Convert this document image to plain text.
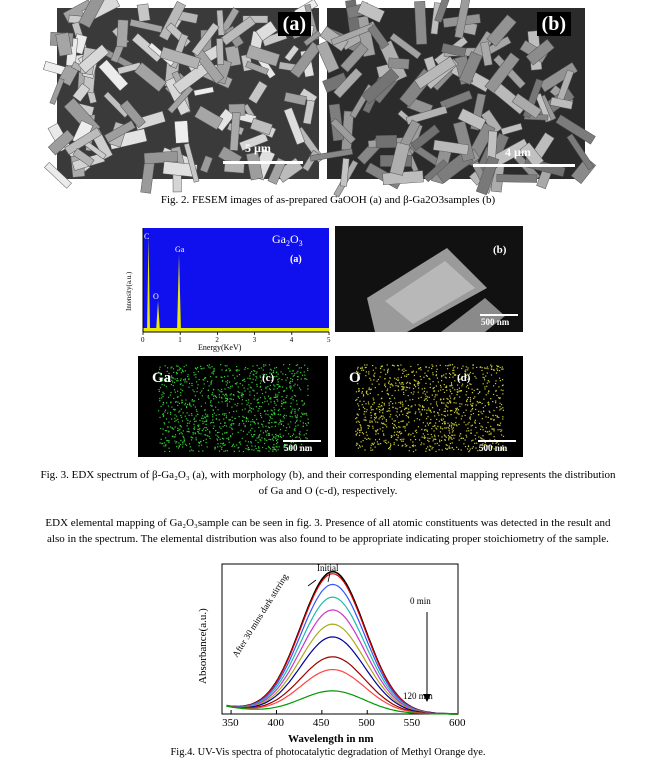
(a)
5 µm
(b)
4 µm
Fig. 2. FESEM images of as-prepared GaOOH (a) and β-Ga2O3samples (b)
0	1	2	3	4	5
C
O
Ga
$Ga_2O_3$
(a)
Intensity(a.u.)
Energy(KeV)
(b)
500 nm
Ga	(c)
500 nm
O	(d)
500 nm
Fig. 3. EDX spectrum of β-Ga₂O₃ (a), with morphology (b), and their corresponding elemental mapping represents the distribution
of Ga and O (c-d), respectively.
EDX elemental mapping of Ga₂O₃sample can be seen in fig. 3. Presence of all atomic constituents was detected in the result and
also in the spectrum. The elemental distribution was also found to be appropriate indicating proper stoichiometry of the sample.
350	400	450	500	550	600
Initial
After 30 mins dark stirring	0 min
120 min
Absorbance(a.u.)
Wavelength in nm
Fig.4. UV-Vis spectra of photocatalytic degradation of Methyl Orange dye.
